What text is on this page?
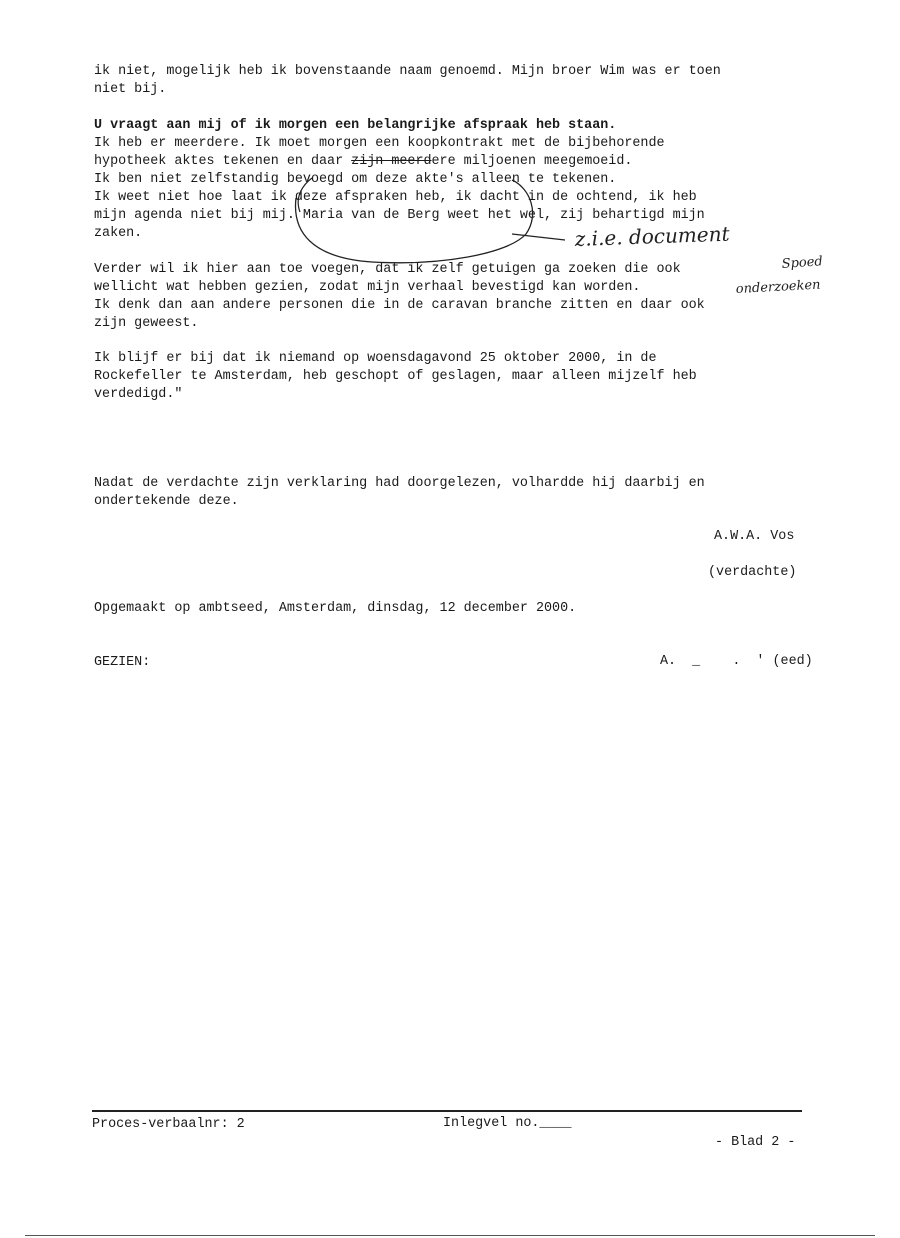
ik niet, mogelijk heb ik bovenstaande naam genoemd. Mijn broer Wim was er toen
niet bij.
U vraagt aan mij of ik morgen een belangrijke afspraak heb staan.
Ik heb er meerdere. Ik moet morgen een koopkontrakt met de bijbehorende
hypotheek aktes tekenen en daar zijn meerdere miljoenen meegemoeid.
Ik ben niet zelfstandig bevoegd om deze akte's alleen te tekenen.
Ik weet niet hoe laat ik deze afspraken heb, ik dacht in de ochtend, ik heb
mijn agenda niet bij mij. Maria van de Berg weet het wel, zij behartigd mijn
zaken.
Verder wil ik hier aan toe voegen, dat ik zelf getuigen ga zoeken die ook
wellicht wat hebben gezien, zodat mijn verhaal bevestigd kan worden.
Ik denk dan aan andere personen die in de caravan branche zitten en daar ook
zijn geweest.
Ik blijf er bij dat ik niemand op woensdagavond 25 oktober 2000, in de
Rockefeller te Amsterdam, heb geschopt of geslagen, maar alleen mijzelf heb
verdedigd."
Nadat de verdachte zijn verklaring had doorgelezen, volhardde hij daarbij en
ondertekende deze.
A.W.A. Vos
(verdachte)
Opgemaakt op ambtseed, Amsterdam, dinsdag, 12 december 2000.
GEZIEN:	A.  _    .  ' (eed)
z.i.e. document
Spoed
onderzoeken
Proces-verbaalnr: 2	Inlegvel no.____
- Blad 2 -
